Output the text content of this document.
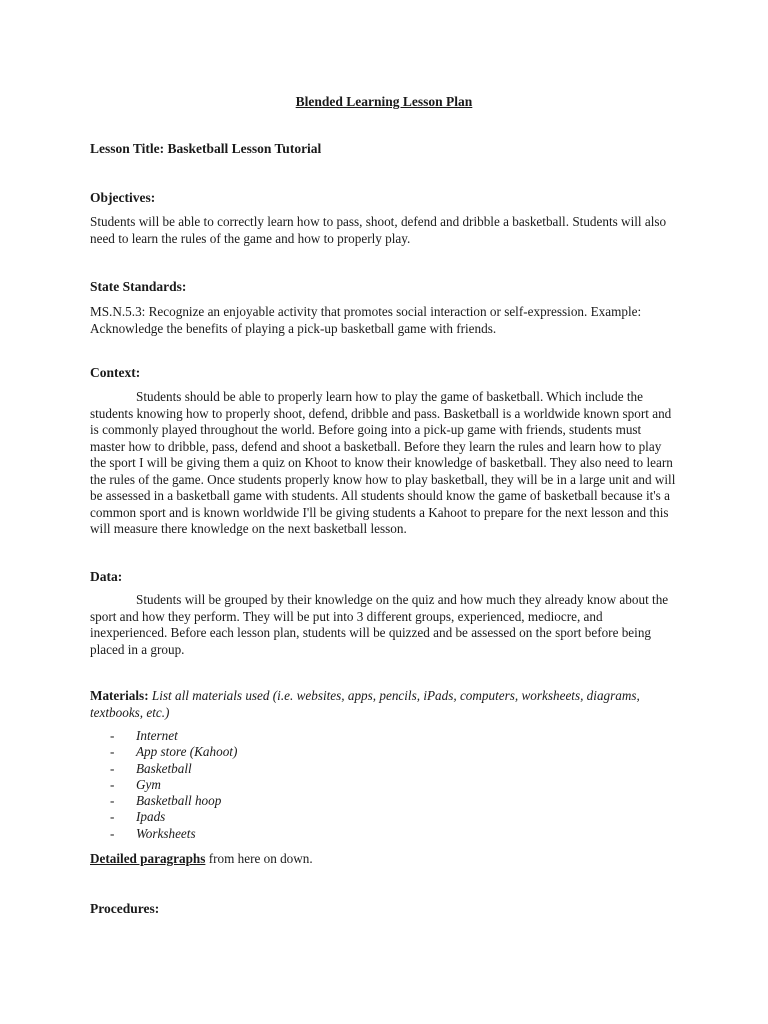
Blended Learning Lesson Plan
Lesson Title: Basketball Lesson Tutorial
Objectives:
Students will be able to correctly learn how to pass, shoot, defend and dribble a basketball. Students will also need to learn the rules of the game and how to properly play.
State Standards:
MS.N.5.3: Recognize an enjoyable activity that promotes social interaction or self-expression. Example: Acknowledge the benefits of playing a pick-up basketball game with friends.
Context:
Students should be able to properly learn how to play the game of basketball. Which include the students knowing how to properly shoot, defend, dribble and pass. Basketball is a worldwide known sport and is commonly played throughout the world. Before going into a pick-up game with friends, students must master how to dribble, pass, defend and shoot a basketball. Before they learn the rules and learn how to play the sport I will be giving them a quiz on Khoot to know their knowledge of basketball. They also need to learn the rules of the game. Once students properly know how to play basketball, they will be in a large unit and will be assessed in a basketball game with students. All students should know the game of basketball because it's a common sport and is known worldwide I'll be giving students a Kahoot to prepare for the next lesson and this will measure there knowledge on the next basketball lesson.
Data:
Students will be grouped by their knowledge on the quiz and how much they already know about the sport and how they perform. They will be put into 3 different groups, experienced, mediocre, and inexperienced. Before each lesson plan, students will be quizzed and be assessed on the sport before being placed in a group.
Materials: List all materials used (i.e. websites, apps, pencils, iPads, computers, worksheets, diagrams, textbooks, etc.)
- Internet
- App store (Kahoot)
- Basketball
- Gym
- Basketball hoop
- Ipads
- Worksheets
Detailed paragraphs from here on down.
Procedures:
